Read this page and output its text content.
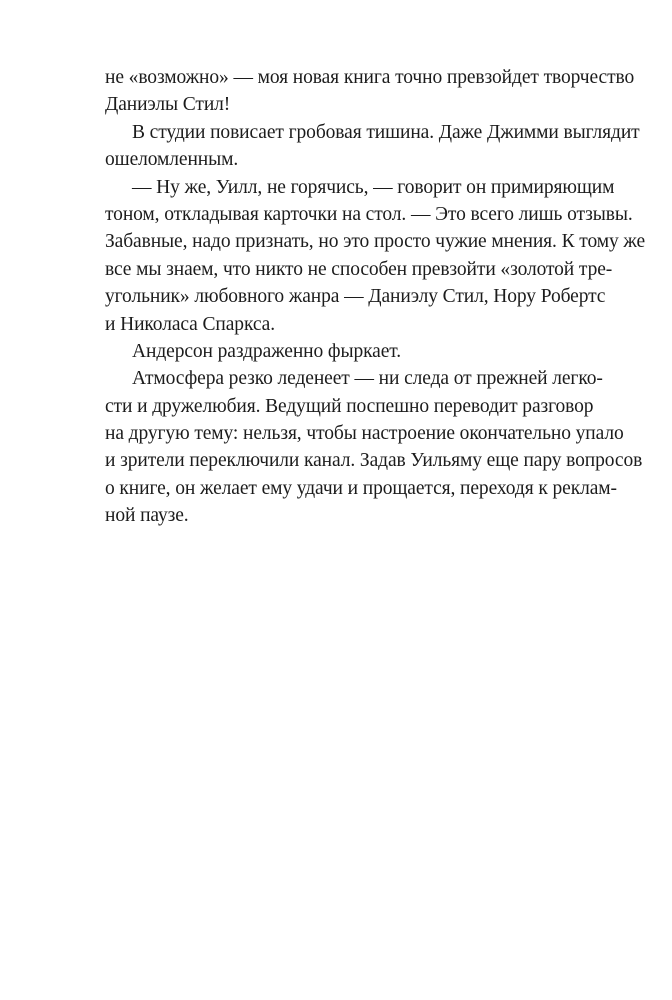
не «возможно» — моя новая книга точно превзойдет творчество
Даниэлы Стил!
В студии повисает гробовая тишина. Даже Джимми выглядит
ошеломленным.
— Ну же, Уилл, не горячись, — говорит он примиряющим
тоном, откладывая карточки на стол. — Это всего лишь отзывы.
Забавные, надо признать, но это просто чужие мнения. К тому же
все мы знаем, что никто не способен превзойти «золотой тре-
угольник» любовного жанра — Даниэлу Стил, Нору Робертс
и Николаса Спаркса.
Андерсон раздраженно фыркает.
Атмосфера резко леденеет — ни следа от прежней легко-
сти и дружелюбия. Ведущий поспешно переводит разговор
на другую тему: нельзя, чтобы настроение окончательно упало
и зрители переключили канал. Задав Уильяму еще пару вопросов
о книге, он желает ему удачи и прощается, переходя к реклам-
ной паузе.
